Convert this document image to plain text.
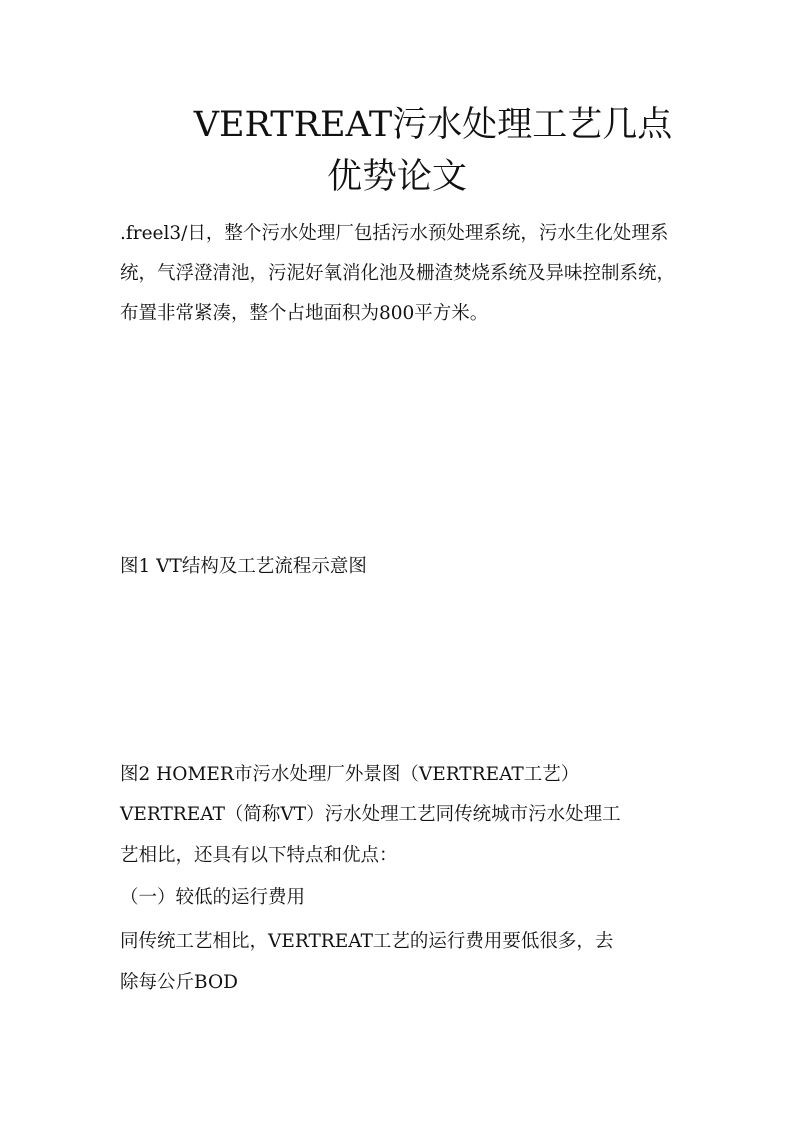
VERTREAT污水处理工艺几点
优势论文

.freel3/日，整个污水处理厂包括污水预处理系统，污水生化处理系统，气浮澄清池，污泥好氧消化池及栅渣焚烧系统及异味控制系统，布置非常紧凑，整个占地面积为800平方米。

图1 VT结构及工艺流程示意图

图2 HOMER市污水处理厂外景图（VERTREAT工艺）

VERTREAT（简称VT）污水处理工艺同传统城市污水处理工

艺相比，还具有以下特点和优点：

（一）较低的运行费用

同传统工艺相比，VERTREAT工艺的运行费用要低很多，去

除每公斤BOD
